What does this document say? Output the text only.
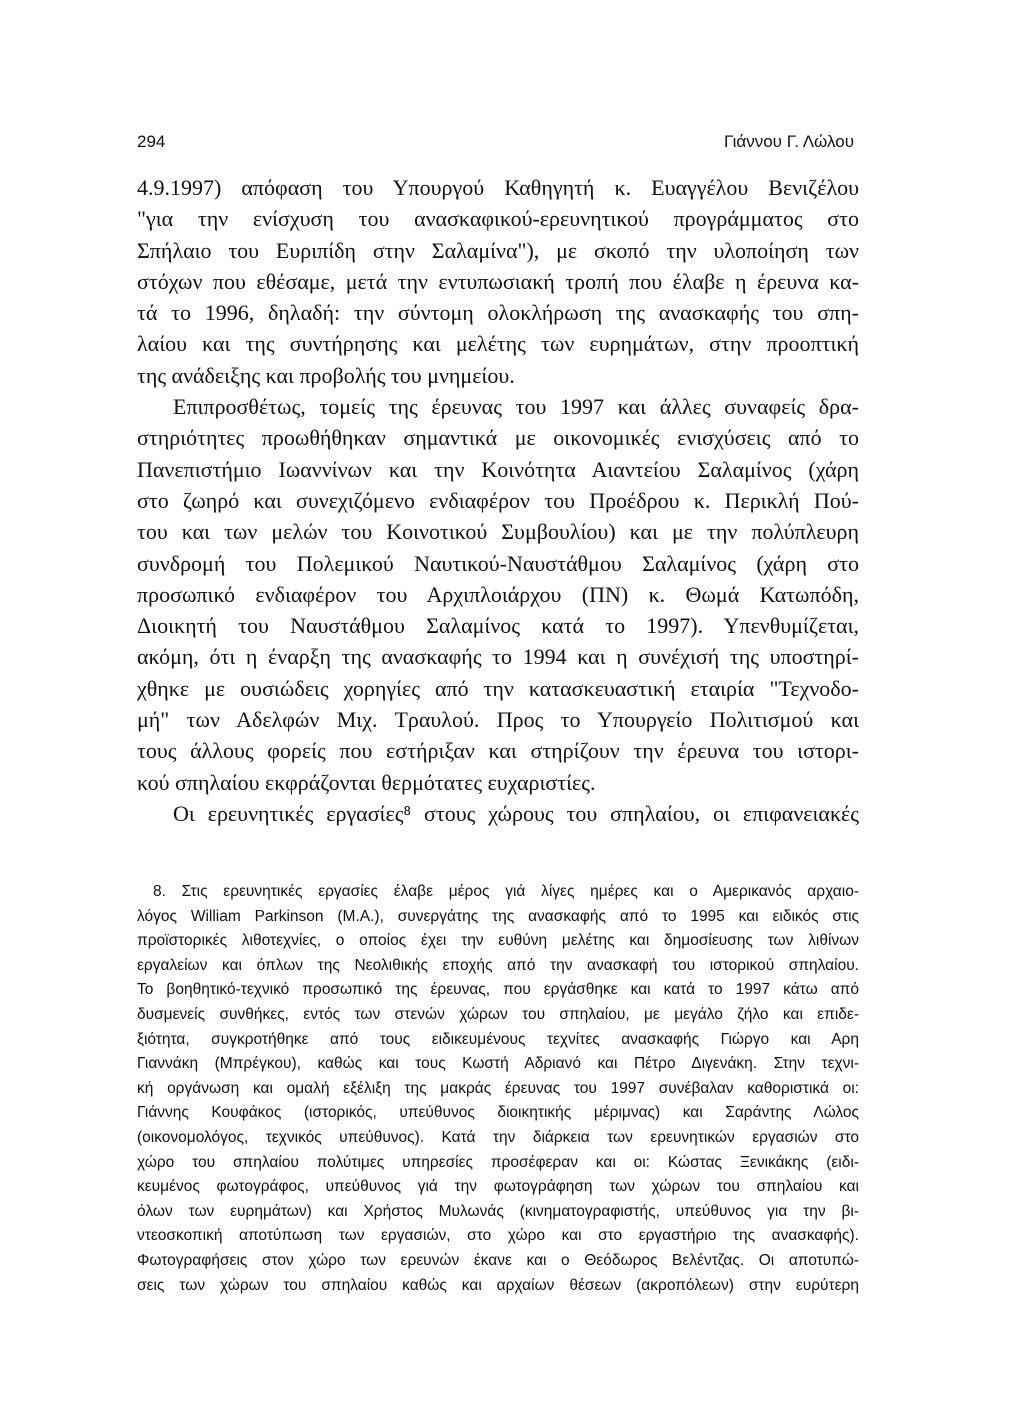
294	Γιάννου Γ. Λώλου
4.9.1997) απόφαση του Υπουργού Καθηγητή κ. Ευαγγέλου Βενιζέλου
"για την ενίσχυση του ανασκαφικού-ερευνητικού προγράμματος στο
Σπήλαιο του Ευριπίδη στην Σαλαμίνα"), με σκοπό την υλοποίηση των
στόχων που εθέσαμε, μετά την εντυπωσιακή τροπή που έλαβε η έρευνα κα-
τά το 1996, δηλαδή: την σύντομη ολοκλήρωση της ανασκαφής του σπη-
λαίου και της συντήρησης και μελέτης των ευρημάτων, στην προοπτική
της ανάδειξης και προβολής του μνημείου.
Επιπροσθέτως, τομείς της έρευνας του 1997 και άλλες συναφείς δρα-
στηριότητες προωθήθηκαν σημαντικά με οικονομικές ενισχύσεις από το
Πανεπιστήμιο Ιωαννίνων και την Κοινότητα Αιαντείου Σαλαμίνος (χάρη
στο ζωηρό και συνεχιζόμενο ενδιαφέρον του Προέδρου κ. Περικλή Πού-
του και των μελών του Κοινοτικού Συμβουλίου) και με την πολύπλευρη
συνδρομή του Πολεμικού Ναυτικού-Ναυστάθμου Σαλαμίνος (χάρη στο
προσωπικό ενδιαφέρον του Αρχιπλοιάρχου (ΠΝ) κ. Θωμά Κατωπόδη,
Διοικητή του Ναυστάθμου Σαλαμίνος κατά το 1997). Υπενθυμίζεται,
ακόμη, ότι η έναρξη της ανασκαφής το 1994 και η συνέχισή της υποστηρί-
χθηκε με ουσιώδεις χορηγίες από την κατασκευαστική εταιρία "Τεχνοδο-
μή" των Αδελφών Μιχ. Τραυλού. Προς το Υπουργείο Πολιτισμού και
τους άλλους φορείς που εστήριξαν και στηρίζουν την έρευνα του ιστορι-
κού σπηλαίου εκφράζονται θερμότατες ευχαριστίες.
Οι ερευνητικές εργασίες⁸ στους χώρους του σπηλαίου, οι επιφανειακές
8. Στις ερευνητικές εργασίες έλαβε μέρος γιά λίγες ημέρες και ο Αμερικανός αρχαιο-
λόγος William Parkinson (M.A.), συνεργάτης της ανασκαφής από το 1995 και ειδικός στις
προϊστορικές λιθοτεχνίες, ο οποίος έχει την ευθύνη μελέτης και δημοσίευσης των λιθίνων
εργαλείων και όπλων της Νεολιθικής εποχής από την ανασκαφή του ιστορικού σπηλαίου.
Το βοηθητικό-τεχνικό προσωπικό της έρευνας, που εργάσθηκε και κατά το 1997 κάτω από
δυσμενείς συνθήκες, εντός των στενών χώρων του σπηλαίου, με μεγάλο ζήλο και επιδε-
ξιότητα, συγκροτήθηκε από τους ειδικευμένους τεχνίτες ανασκαφής Γιώργο και Αρη
Γιαννάκη (Μπρέγκου), καθώς και τους Κωστή Αδριανό και Πέτρο Διγενάκη. Στην τεχνι-
κή οργάνωση και ομαλή εξέλιξη της μακράς έρευνας του 1997 συνέβαλαν καθοριστικά οι:
Γιάννης Κουφάκος (ιστορικός, υπεύθυνος διοικητικής μέριμνας) και Σαράντης Λώλος
(οικονομολόγος, τεχνικός υπεύθυνος). Κατά την διάρκεια των ερευνητικών εργασιών στο
χώρο του σπηλαίου πολύτιμες υπηρεσίες προσέφεραν και οι: Κώστας Ξενικάκης (ειδι-
κευμένος φωτογράφος, υπεύθυνος γιά την φωτογράφηση των χώρων του σπηλαίου και
όλων των ευρημάτων) και Χρήστος Μυλωνάς (κινηματογραφιστής, υπεύθυνος για την βι-
ντεοσκοπική αποτύπωση των εργασιών, στο χώρο και στο εργαστήριο της ανασκαφής).
Φωτογραφήσεις στον χώρο των ερευνών έκανε και ο Θεόδωρος Βελέντζας. Οι αποτυπώ-
σεις των χώρων του σπηλαίου καθώς και αρχαίων θέσεων (ακροπόλεων) στην ευρύτερη
